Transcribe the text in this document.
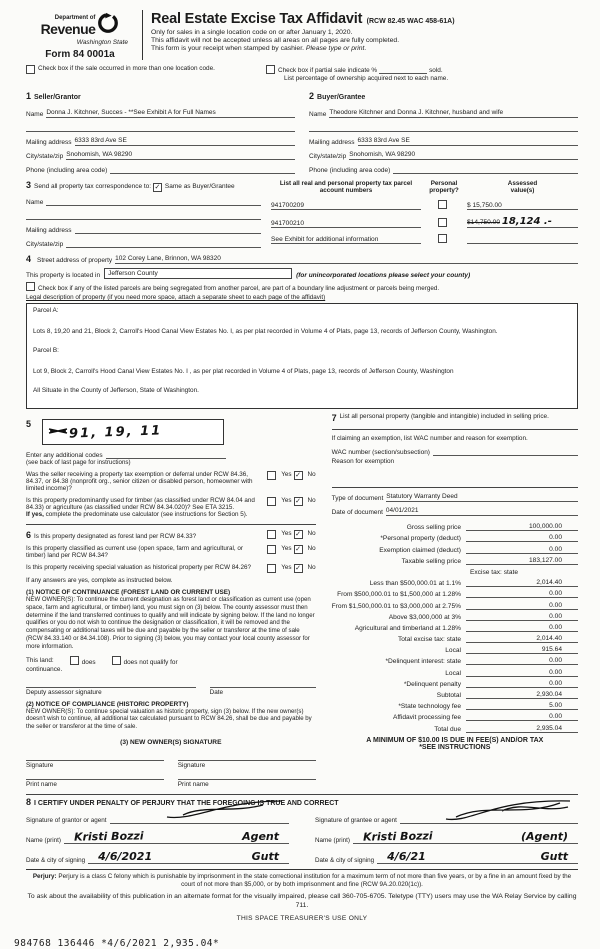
Department of
Revenue
Washington State
Form 84 0001a
Real Estate Excise Tax Affidavit (RCW 82.45 WAC 458-61A)
Only for sales in a single location code on or after January 1, 2020.
This affidavit will not be accepted unless all areas on all pages are fully completed.
This form is your receipt when stamped by cashier. Please type or print.
Check box if the sale occurred in more than one location code.	Check box if partial sale indicate %	sold.
List percentage of ownership acquired next to each name.
1 Seller/Grantor
Name Donna J. Kitchner, Succes - **See Exhibit A for Full Names
Mailing address 6333 83rd Ave SE
City/state/zip Snohomish, WA 98290
Phone (including area code)
2 Buyer/Grantee
Name Theodore Kitchner and Donna J. Kitchner, husband and wife
Mailing address 6333 83rd Ave SE
City/state/zip Snohomish, WA 98290
Phone (including area code)
3 Send all property tax correspondence to: ✓ Same as Buyer/Grantee
Name
Mailing address
City/state/zip
List all real and personal property tax parcel account numbers
Personal
property?
Assessed
value(s)
941700209	$ 15,750.00
941700210	$14,750.00 18,124 .-
See Exhibit for additional information
4 Street address of property 102 Corey Lane, Brinnon, WA 98320
This property is located in	Jefferson County	(for unincorporated locations please select your county)
Check box if any of the listed parcels are being segregated from another parcel, are part of a boundary line adjustment or parcels being merged.
Legal description of property (if you need more space, attach a separate sheet to each page of the affidavit)

Parcel A:

Lots 8, 19,20 and 21, Block 2, Carroll's Hood Canal View Estates No. I, as per plat recorded in Volume 4 of Plats, page 13, records of Jefferson County, Washington.

Parcel B:

Lot 9, Block 2, Carroll's Hood Canal View Estates No. I , as per plat recorded in Volume 4 of Plats, page 13, records of Jefferson County, Washington

All Situate in the County of Jefferson, State of Washington.

5	91, 19, 11
Enter any additional codes
(see back of last page for instructions)
Was the seller receiving a property tax exemption or deferral under RCW 84.36, 84.37, or 84.38 (nonprofit org., senior citizen or disabled person, homeowner with limited income)?
Yes ✓ No
Is this property predominantly used for timber (as classified under RCW 84.04 and 84.33) or agriculture (as classified under RCW 84.34.020)? See ETA 3215.
Yes ✓ No
If yes, complete the predominate use calculator (see instructions for Section 5).
6 Is this property designated as forest land per RCW 84.33?	Yes ✓ No
Is this property classified as current use (open space, farm and agricultural, or timber) land per RCW 84.34?
Yes ✓ No
Is this property receiving special valuation as historical property per RCW 84.26?	Yes ✓ No
If any answers are yes, complete as instructed below.
(1) NOTICE OF CONTINUANCE (FOREST LAND OR CURRENT USE)
NEW OWNER(S): To continue the current designation as forest land or classification as current use (open space, farm and agricultural, or timber) land, you must sign on (3) below. The county assessor must then determine if the land transferred continues to qualify and will indicate by signing below. If the land no longer qualifies or you do not wish to continue the designation or classification, it will be removed and the compensating or additional taxes will be due and payable by the seller or transferor at the time of sale (RCW 84.33.140 or 84.34.108). Prior to signing (3) below, you may contact your local county assessor for more information.
This land:	does	does not qualify for
continuance.
Deputy assessor signature	Date
(2) NOTICE OF COMPLIANCE (HISTORIC PROPERTY)
NEW OWNER(S): To continue special valuation as historic property, sign (3) below. If the new owner(s) doesn't wish to continue, all additional tax calculated pursuant to RCW 84.26, shall be due and payable by the seller or transferor at the time of sale.
(3) NEW OWNER(S) SIGNATURE
Signature	Signature
Print name	Print name
7 List all personal property (tangible and intangible) included in selling price.
If claiming an exemption, list WAC number and reason for exemption.
WAC number (section/subsection)
Reason for exemption
Type of document Statutory Warranty Deed
Date of document 04/01/2021
Gross selling price	100,000.00
*Personal property (deduct)	0.00
Exemption claimed (deduct)	0.00
Taxable selling price	183,127.00
Excise tax: state
Less than $500,000.01 at 1.1%	2,014.40
From $500,000.01 to $1,500,000 at 1.28%	0.00
From $1,500,000.01 to $3,000,000 at 2.75%	0.00
Above $3,000,000 at 3%	0.00
Agricultural and timberland at 1.28%	0.00
Total excise tax: state	2,014.40
Local	915.64
*Delinquent interest: state	0.00
Local	0.00
*Delinquent penalty	0.00
Subtotal	2,930.04
*State technology fee	5.00
Affidavit processing fee	0.00
Total due	2,935.04
A MINIMUM OF $10.00 IS DUE IN FEE(S) AND/OR TAX
*SEE INSTRUCTIONS
8 I CERTIFY UNDER PENALTY OF PERJURY THAT THE FOREGOING IS TRUE AND CORRECT
Signature of grantor or agent
Name (print) Kristi Bozzi	Agent
Date & city of signing 4/6/2021	Gutt
Signature of grantee or agent
Name (print) Kristi Bozzi	(Agent)
Date & city of signing 4/6/21	Gutt
Perjury: Perjury is a class C felony which is punishable by imprisonment in the state correctional institution for a maximum term of not more than five years, or by a fine in an amount fixed by the court of not more than $5,000, or by both imprisonment and fine (RCW 9A.20.020(1c)).
To ask about the availability of this publication in an alternate format for the visually impaired, please call 360-705-6705. Teletype (TTY) users may use the WA Relay Service by calling 711.
THIS SPACE TREASURER'S USE ONLY
984768 136446 *4/6/2021 2,935.04*
